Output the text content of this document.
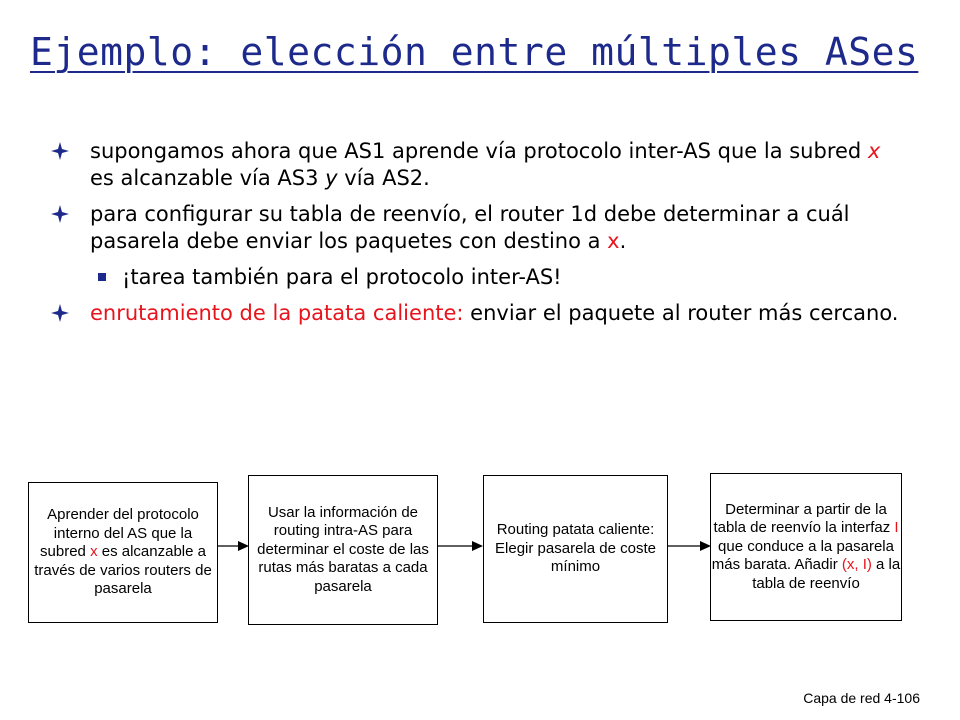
Ejemplo: elección entre múltiples ASes
supongamos ahora que AS1 aprende vía protocolo inter-AS que la subred x es alcanzable vía AS3 y vía AS2.
para configurar su tabla de reenvío, el router 1d debe determinar a cuál pasarela debe enviar los paquetes con destino a x.
¡tarea también para el protocolo inter-AS!
enrutamiento de la patata caliente: enviar el paquete al router más cercano.
Aprender del protocolo interno del AS que la subred x es alcanzable a través de varios routers de pasarela
Usar la información de routing intra-AS para determinar el coste de las rutas más baratas a cada pasarela
Routing patata caliente:
Elegir pasarela de coste mínimo
Determinar a partir de la tabla de reenvío la interfaz I que conduce a la pasarela más barata. Añadir (x, I) a la tabla de reenvío
Capa de red 4-106
